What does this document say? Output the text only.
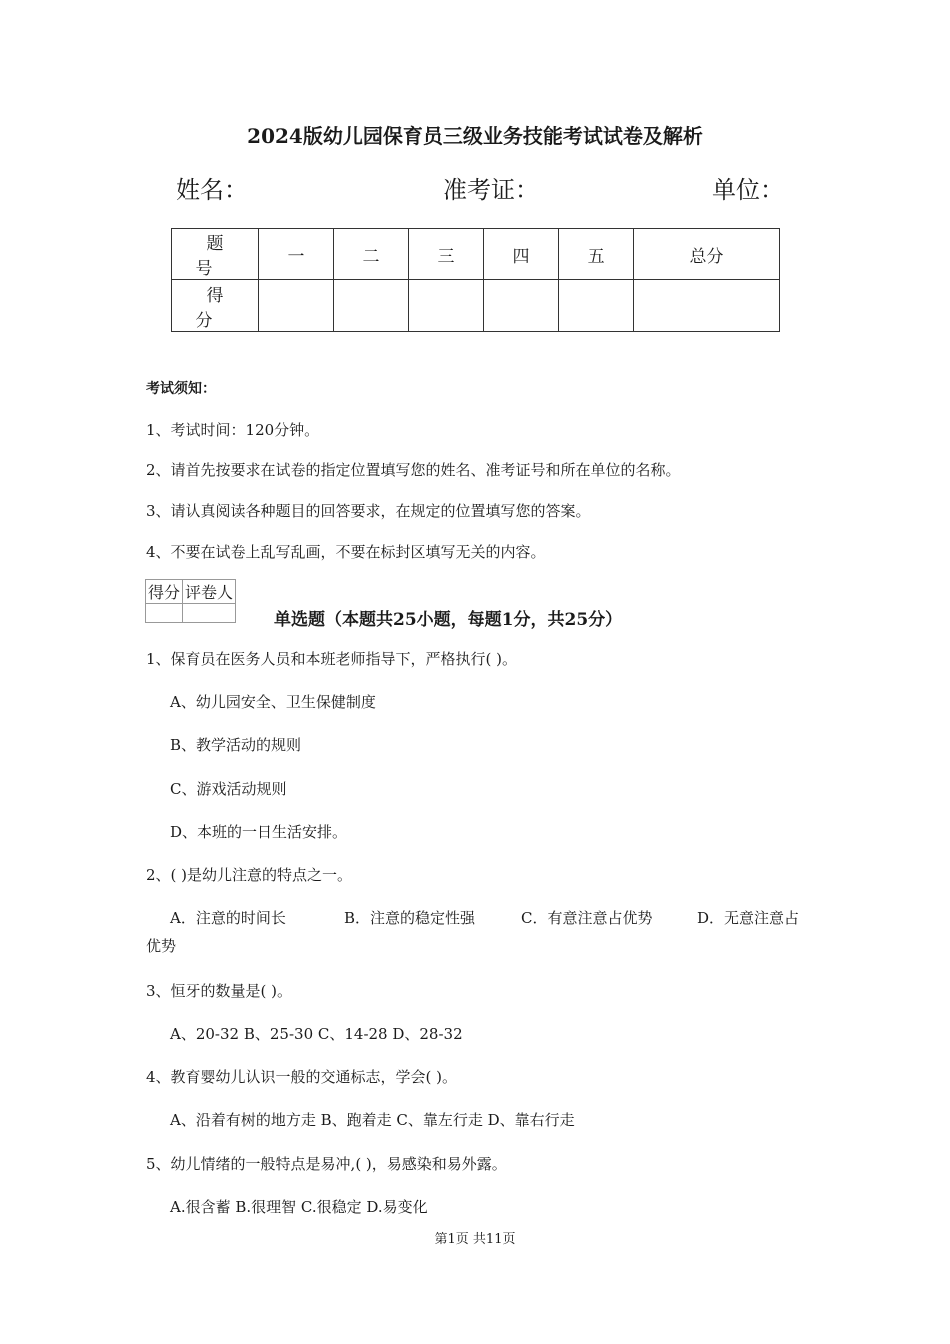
2024版幼儿园保育员三级业务技能考试试卷及解析
姓名：	准考证：	单位：
题号	一	二	三	四	五	总分
得分						
考试须知：
1、考试时间：120分钟。
2、请首先按要求在试卷的指定位置填写您的姓名、准考证号和所在单位的名称。
3、请认真阅读各种题目的回答要求，在规定的位置填写您的答案。
4、不要在试卷上乱写乱画，不要在标封区填写无关的内容。
得分	评卷人

单选题（本题共25小题，每题1分，共25分）
1、保育员在医务人员和本班老师指导下，严格执行( )。
A、幼儿园安全、卫生保健制度
B、教学活动的规则
C、游戏活动规则
D、本班的一日生活安排。
2、( )是幼儿注意的特点之一。
A．注意的时间长	B．注意的稳定性强	C．有意注意占优势	D．无意注意占
优势
3、恒牙的数量是( )。
A、20-32 B、25-30 C、14-28 D、28-32
4、教育婴幼儿认识一般的交通标志，学会( )。
A、沿着有树的地方走 B、跑着走 C、靠左行走 D、靠右行走
5、幼儿情绪的一般特点是易冲,( )，易感染和易外露。
A.很含蓄 B.很理智 C.很稳定 D.易变化
第1页 共11页
